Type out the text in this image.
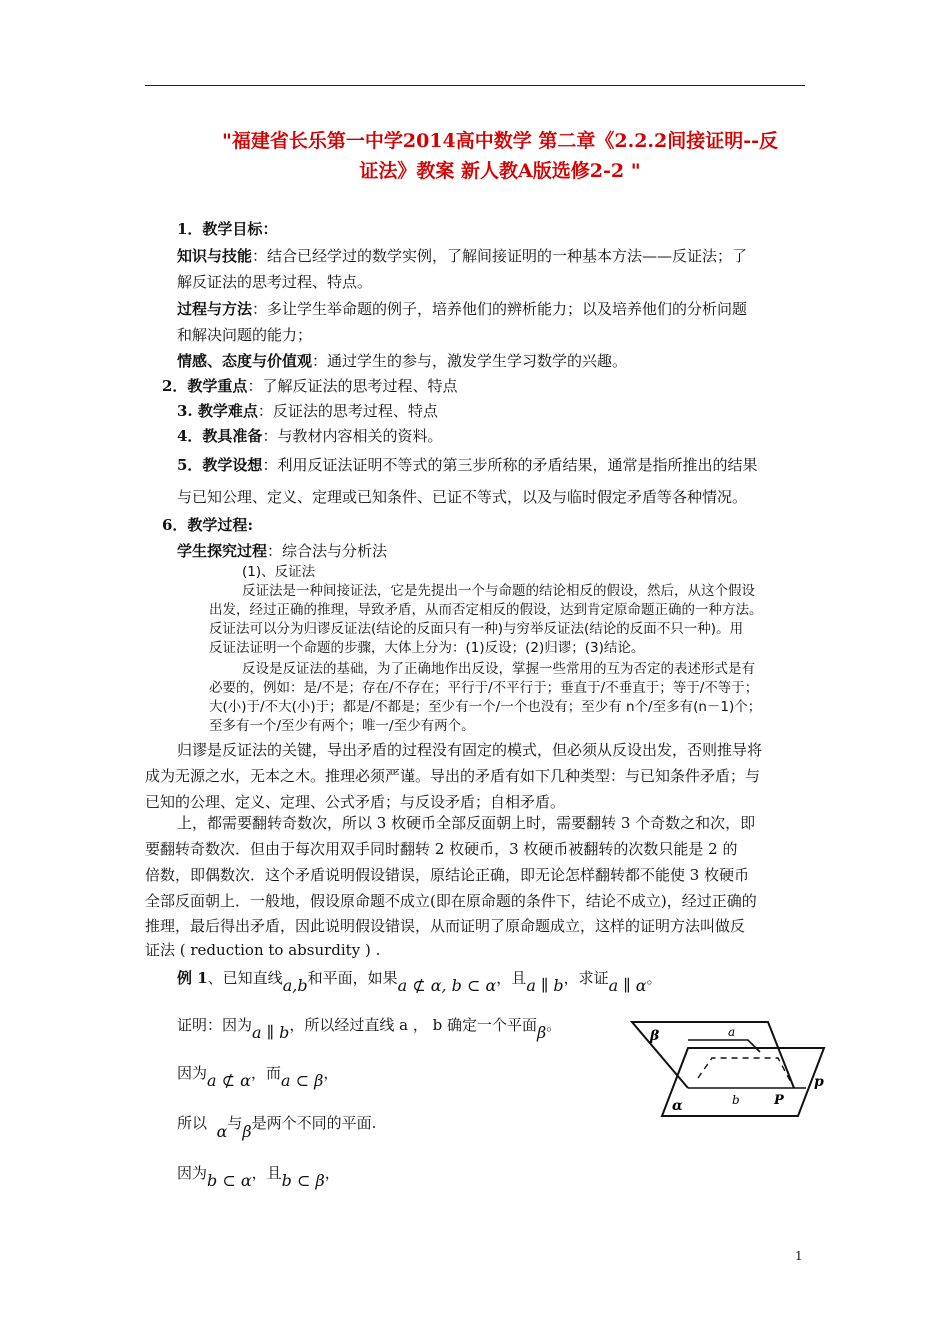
"福建省长乐第一中学2014高中数学 第二章《2.2.2间接证明--反
证法》教案 新人教A版选修2-2 "
1．教学目标：
知识与技能：结合已经学过的数学实例，了解间接证明的一种基本方法——反证法；了
解反证法的思考过程、特点。
过程与方法：多让学生举命题的例子，培养他们的辨析能力；以及培养他们的分析问题
和解决问题的能力；
情感、态度与价值观：通过学生的参与，激发学生学习数学的兴趣。
2．教学重点：了解反证法的思考过程、特点
3. 教学难点：反证法的思考过程、特点
4．教具准备：与教材内容相关的资料。
5．教学设想：利用反证法证明不等式的第三步所称的矛盾结果，通常是指所推出的结果
与已知公理、定义、定理或已知条件、已证不等式，以及与临时假定矛盾等各种情况。
6．教学过程:
学生探究过程：综合法与分析法
(1)、反证法
反证法是一种间接证法，它是先提出一个与命题的结论相反的假设，然后，从这个假设
出发，经过正确的推理，导致矛盾，从而否定相反的假设，达到肯定原命题正确的一种方法。
反证法可以分为归谬反证法(结论的反面只有一种)与穷举反证法(结论的反面不只一种)。用
反证法证明一个命题的步骤，大体上分为：(1)反设；(2)归谬；(3)结论。
反设是反证法的基础，为了正确地作出反设，掌握一些常用的互为否定的表述形式是有
必要的，例如：是/不是；存在/不存在；平行于/不平行于；垂直于/不垂直于；等于/不等于；
大(小)于/不大(小)于；都是/不都是；至少有一个/一个也没有；至少有 n个/至多有(n－1)个；
至多有一个/至少有两个；唯一/至少有两个。
归谬是反证法的关键，导出矛盾的过程没有固定的模式，但必须从反设出发，否则推导将
成为无源之水，无本之木。推理必须严谨。导出的矛盾有如下几种类型：与已知条件矛盾；与
已知的公理、定义、定理、公式矛盾；与反设矛盾；自相矛盾。
上，都需要翻转奇数次，所以 3 枚硬币全部反面朝上时，需要翻转 3 个奇数之和次，即
要翻转奇数次．但由于每次用双手同时翻转 2 枚硬币，3 枚硬币被翻转的次数只能是 2 的
倍数，即偶数次．这个矛盾说明假设错误，原结论正确，即无论怎样翻转都不能使 3 枚硬币
全部反面朝上．一般地，假设原命题不成立(即在原命题的条件下，结论不成立)，经过正确的
推理，最后得出矛盾，因此说明假设错误，从而证明了原命题成立，这样的证明方法叫做反
证法 ( reduction to absurdity ) .
例 1、已知直线a,b和平面，如果a ⊄ α, b ⊂ α，且a ∥ b，求证a ∥ α。
证明：因为a ∥ b，所以经过直线 a ， b 确定一个平面β。
因为a ⊄ α，而a ⊂ β，
所以 α与β是两个不同的平面.
因为b ⊂ α，且b ⊂ β，
β	a
α	b	P
p
1
